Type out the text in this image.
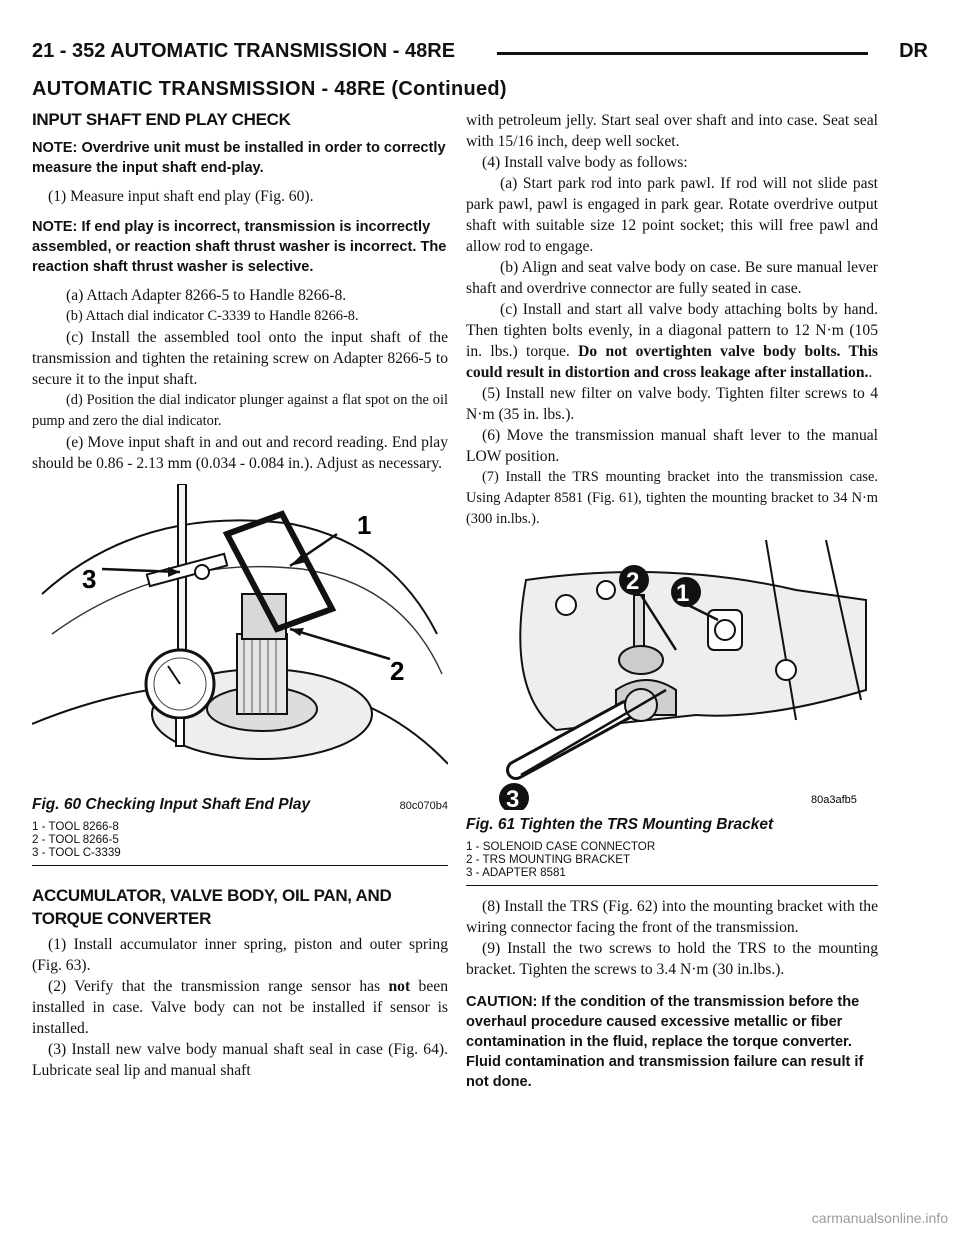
21 - 352 AUTOMATIC TRANSMISSION - 48RE	DR
AUTOMATIC TRANSMISSION - 48RE (Continued)

INPUT SHAFT END PLAY CHECK

NOTE: Overdrive unit must be installed in order to correctly measure the input shaft end-play.

(1) Measure input shaft end play (Fig. 60).

NOTE: If end play is incorrect, transmission is incorrectly assembled, or reaction shaft thrust washer is incorrect. The reaction shaft thrust washer is selective.

(a) Attach Adapter 8266-5 to Handle 8266-8.

(b) Attach dial indicator C-3339 to Handle 8266-8.

(c) Install the assembled tool onto the input shaft of the transmission and tighten the retaining screw on Adapter 8266-5 to secure it to the input shaft.

(d) Position the dial indicator plunger against a flat spot on the oil pump and zero the dial indicator.

(e) Move input shaft in and out and record reading. End play should be 0.86 - 2.13 mm (0.034 - 0.084 in.). Adjust as necessary.

1
2
3
Fig. 60 Checking Input Shaft End Play	80c070b4
1 - TOOL 8266-8
2 - TOOL 8266-5
3 - TOOL C-3339

ACCUMULATOR, VALVE BODY, OIL PAN, AND TORQUE CONVERTER

(1) Install accumulator inner spring, piston and outer spring (Fig. 63).

(2) Verify that the transmission range sensor has not been installed in case. Valve body can not be installed if sensor is installed.

(3) Install new valve body manual shaft seal in case (Fig. 64). Lubricate seal lip and manual shaft

with petroleum jelly. Start seal over shaft and into case. Seat seal with 15/16 inch, deep well socket.

(4) Install valve body as follows:

(a) Start park rod into park pawl. If rod will not slide past park pawl, pawl is engaged in park gear. Rotate overdrive output shaft with suitable size 12 point socket; this will free pawl and allow rod to engage.

(b) Align and seat valve body on case. Be sure manual lever shaft and overdrive connector are fully seated in case.

(c) Install and start all valve body attaching bolts by hand. Then tighten bolts evenly, in a diagonal pattern to 12 N·m (105 in. lbs.) torque. Do not overtighten valve body bolts. This could result in distortion and cross leakage after installation..

(5) Install new filter on valve body. Tighten filter screws to 4 N·m (35 in. lbs.).

(6) Move the transmission manual shaft lever to the manual LOW position.

(7) Install the TRS mounting bracket into the transmission case. Using Adapter 8581 (Fig. 61), tighten the mounting bracket to 34 N·m (300 in.lbs.).

1
2
3	80a3afb5
Fig. 61 Tighten the TRS Mounting Bracket
1 - SOLENOID CASE CONNECTOR
2 - TRS MOUNTING BRACKET
3 - ADAPTER 8581

(8) Install the TRS (Fig. 62) into the mounting bracket with the wiring connector facing the front of the transmission.

(9) Install the two screws to hold the TRS to the mounting bracket. Tighten the screws to 3.4 N·m (30 in.lbs.).

CAUTION: If the condition of the transmission before the overhaul procedure caused excessive metallic or fiber contamination in the fluid, replace the torque converter. Fluid contamination and transmission failure can result if not done.

carmanualsonline.info
